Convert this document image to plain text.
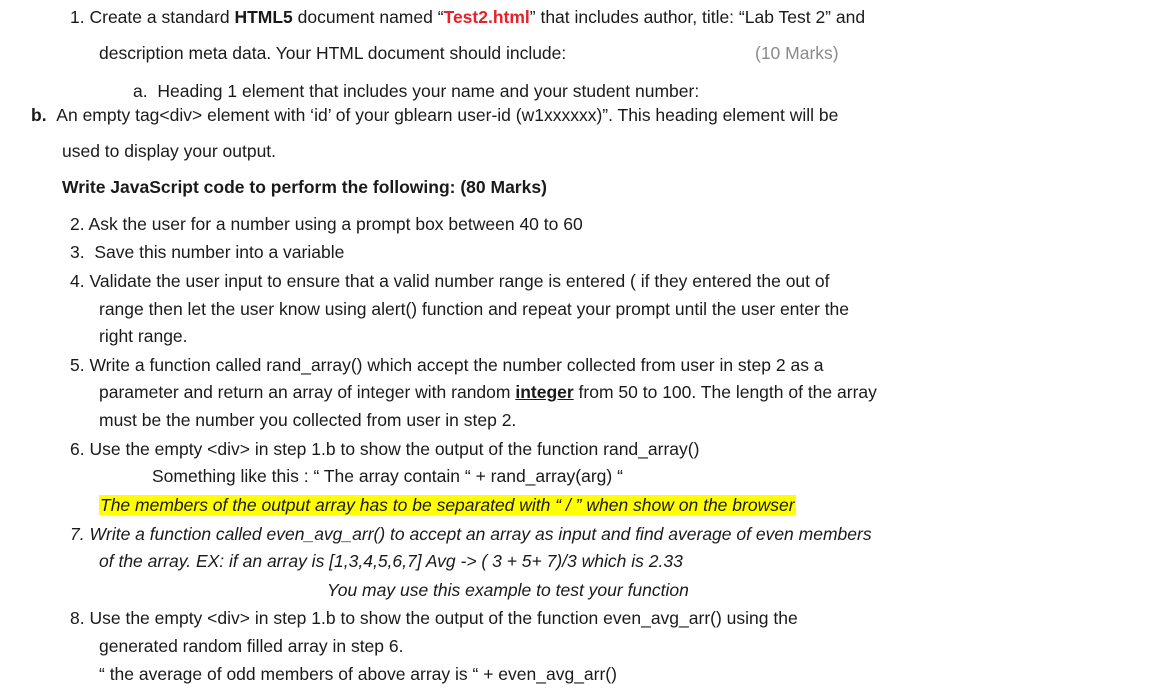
1. Create a standard HTML5 document named “Test2.html” that includes author, title: “Lab Test 2” and
description meta data. Your HTML document should include:	(10 Marks)
a. Heading 1 element that includes your name and your student number:
b. An empty tag<div> element with ‘id’ of your gblearn user-id (w1xxxxxx)”. This heading element will be
used to display your output.
Write JavaScript code to perform the following: (80 Marks)
2. Ask the user for a number using a prompt box between 40 to 60
3. Save this number into a variable
4. Validate the user input to ensure that a valid number range is entered ( if they entered the out of
range then let the user know using alert() function and repeat your prompt until the user enter the
right range.
5. Write a function called rand_array() which accept the number collected from user in step 2 as a
parameter and return an array of integer with random integer from 50 to 100. The length of the array
must be the number you collected from user in step 2.
6. Use the empty <div> in step 1.b to show the output of the function rand_array()
Something like this : “ The array contain “ + rand_array(arg) “
The members of the output array has to be separated with “ / ” when show on the browser
7. Write a function called even_avg_arr() to accept an array as input and find average of even members
of the array. EX: if an array is [1,3,4,5,6,7] Avg -> ( 3 + 5+ 7)/3 which is 2.33
You may use this example to test your function
8. Use the empty <div> in step 1.b to show the output of the function even_avg_arr() using the
generated random filled array in step 6.
“ the average of odd members of above array is “ + even_avg_arr()
